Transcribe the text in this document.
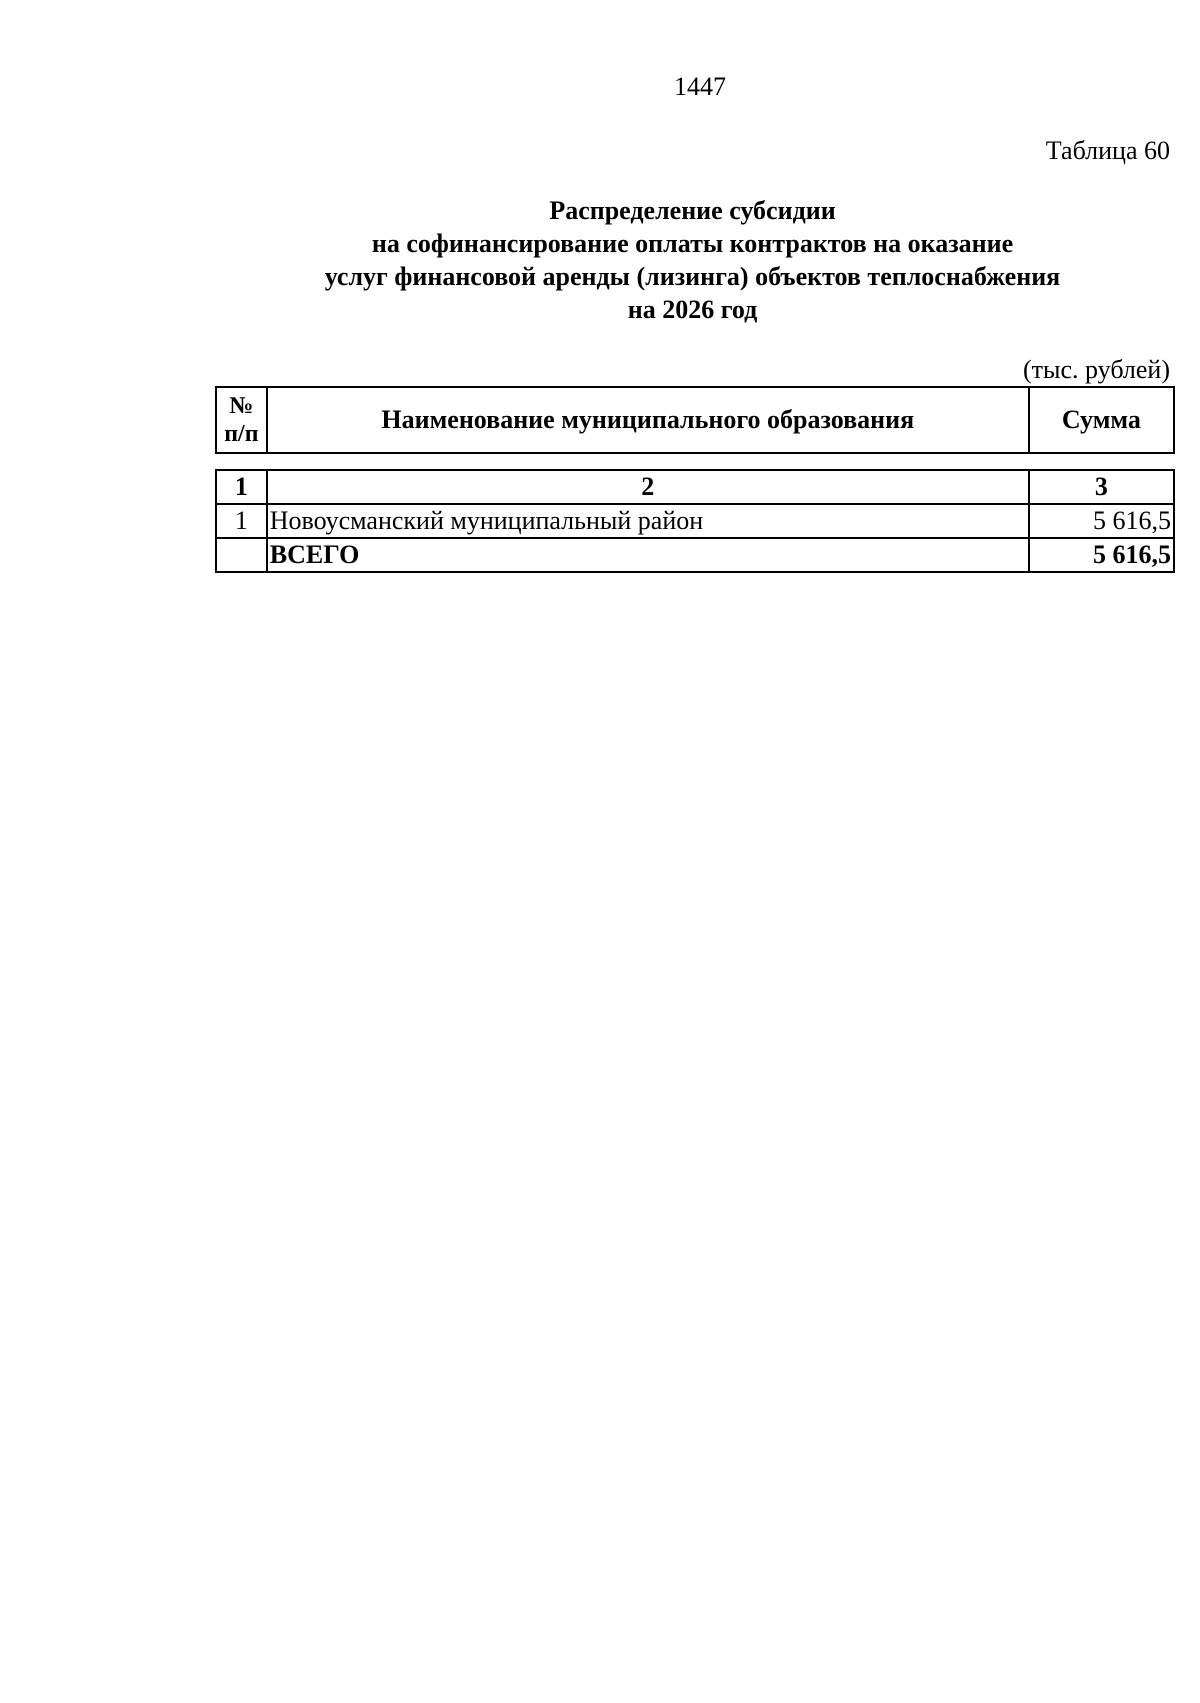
1447
Таблица 60
Распределение субсидии
на софинансирование оплаты контрактов на оказание
услуг финансовой аренды (лизинга) объектов теплоснабжения
на 2026 год
(тыс. рублей)
№
п/п	Наименование муниципального образования	Сумма
1	2	3
1	Новоусманский муниципальный район	5 616,5
	ВСЕГО	5 616,5
